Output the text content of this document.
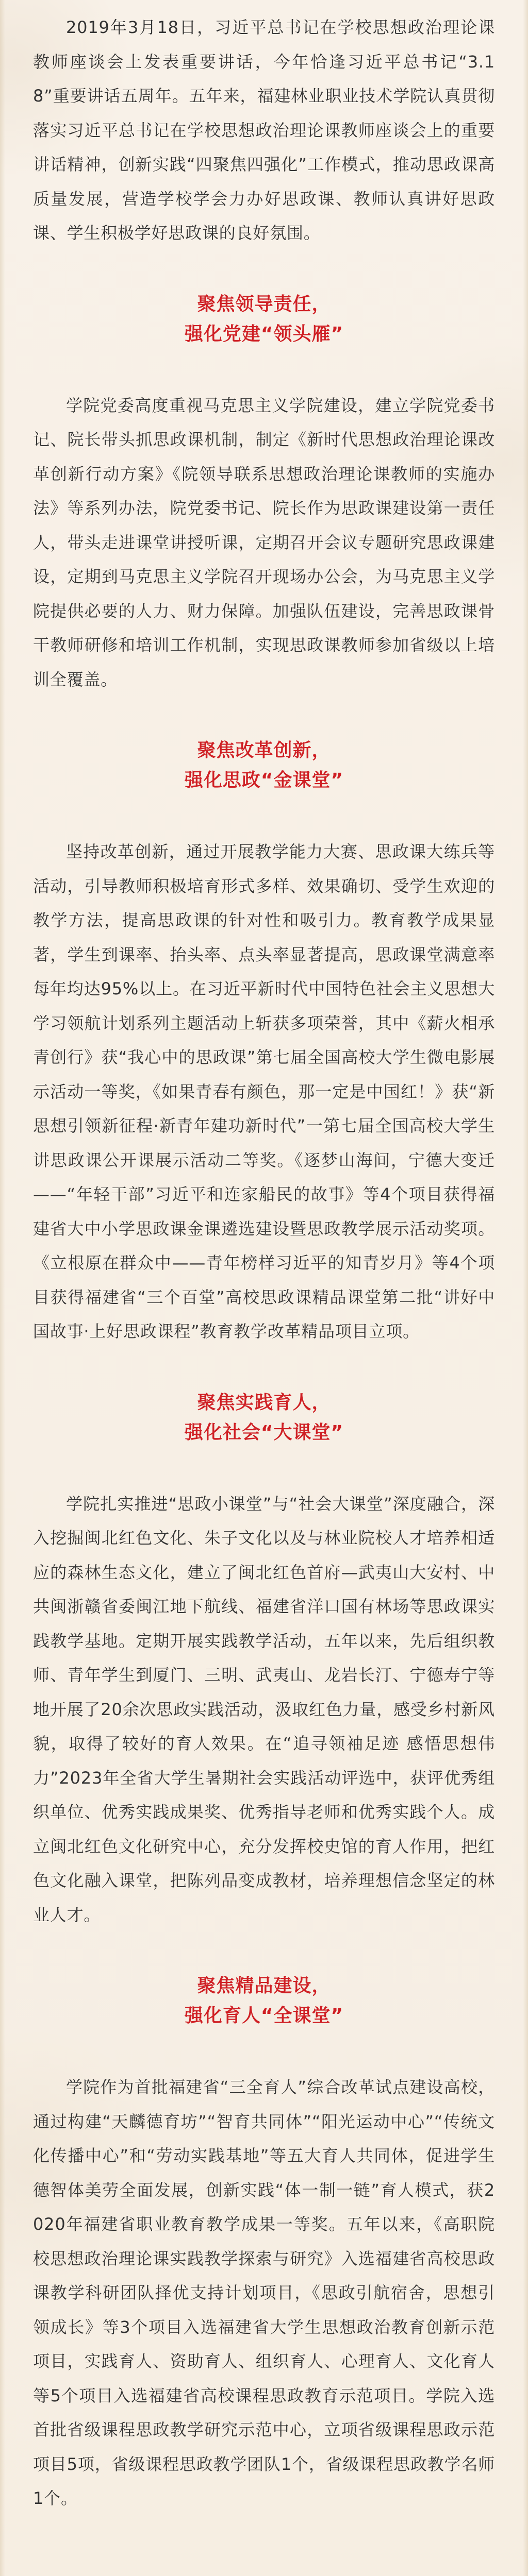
2019年3月18日，习近平总书记在学校思想政治理论课教师座谈会上发表重要讲话，今年恰逢习近平总书记“3.18”重要讲话五周年。五年来，福建林业职业技术学院认真贯彻落实习近平总书记在学校思想政治理论课教师座谈会上的重要讲话精神，创新实践“四聚焦四强化”工作模式，推动思政课高质量发展，营造学校学会力办好思政课、教师认真讲好思政课、学生积极学好思政课的良好氛围。

聚焦领导责任，
强化党建“领头雁”

学院党委高度重视马克思主义学院建设，建立学院党委书记、院长带头抓思政课机制，制定《新时代思想政治理论课改革创新行动方案》《院领导联系思想政治理论课教师的实施办法》等系列办法，院党委书记、院长作为思政课建设第一责任人，带头走进课堂讲授听课，定期召开会议专题研究思政课建设，定期到马克思主义学院召开现场办公会，为马克思主义学院提供必要的人力、财力保障。加强队伍建设，完善思政课骨干教师研修和培训工作机制，实现思政课教师参加省级以上培训全覆盖。

聚焦改革创新，
强化思政“金课堂”

坚持改革创新，通过开展教学能力大赛、思政课大练兵等活动，引导教师积极培育形式多样、效果确切、受学生欢迎的教学方法，提高思政课的针对性和吸引力。教育教学成果显著，学生到课率、抬头率、点头率显著提高，思政课堂满意率每年均达95%以上。在习近平新时代中国特色社会主义思想大学习领航计划系列主题活动上斩获多项荣誉，其中《薪火相承青创行》获“我心中的思政课”第七届全国高校大学生微电影展示活动一等奖，《如果青春有颜色，那一定是中国红！》获“新思想引领新征程·新青年建功新时代”一第七届全国高校大学生讲思政课公开课展示活动二等奖。《逐梦山海间，宁德大变迁——“年轻干部”习近平和连家船民的故事》等4个项目获得福建省大中小学思政课金课遴选建设暨思政教学展示活动奖项。《立根原在群众中——青年榜样习近平的知青岁月》等4个项目获得福建省“三个百堂”高校思政课精品课堂第二批“讲好中国故事·上好思政课程”教育教学改革精品项目立项。

聚焦实践育人，
强化社会“大课堂”

学院扎实推进“思政小课堂”与“社会大课堂”深度融合，深入挖掘闽北红色文化、朱子文化以及与林业院校人才培养相适应的森林生态文化，建立了闽北红色首府—武夷山大安村、中共闽浙赣省委闽江地下航线、福建省洋口国有林场等思政课实践教学基地。定期开展实践教学活动，五年以来，先后组织教师、青年学生到厦门、三明、武夷山、龙岩长汀、宁德寿宁等地开展了20余次思政实践活动，汲取红色力量，感受乡村新风貌，取得了较好的育人效果。在“追寻领袖足迹 感悟思想伟力”2023年全省大学生暑期社会实践活动评选中，获评优秀组织单位、优秀实践成果奖、优秀指导老师和优秀实践个人。成立闽北红色文化研究中心，充分发挥校史馆的育人作用，把红色文化融入课堂，把陈列品变成教材，培养理想信念坚定的林业人才。

聚焦精品建设，
强化育人“全课堂”

学院作为首批福建省“三全育人”综合改革试点建设高校，通过构建“天麟德育坊”“智育共同体”“阳光运动中心”“传统文化传播中心”和“劳动实践基地”等五大育人共同体，促进学生德智体美劳全面发展，创新实践“体一制一链”育人模式，获2020年福建省职业教育教学成果一等奖。五年以来，《高职院校思想政治理论课实践教学探索与研究》入选福建省高校思政课教学科研团队择优支持计划项目，《思政引航宿舍，思想引领成长》等3个项目入选福建省大学生思想政治教育创新示范项目，实践育人、资助育人、组织育人、心理育人、文化育人等5个项目入选福建省高校课程思政教育示范项目。学院入选首批省级课程思政教学研究示范中心，立项省级课程思政示范项目5项，省级课程思政教学团队1个，省级课程思政教学名师1个。
